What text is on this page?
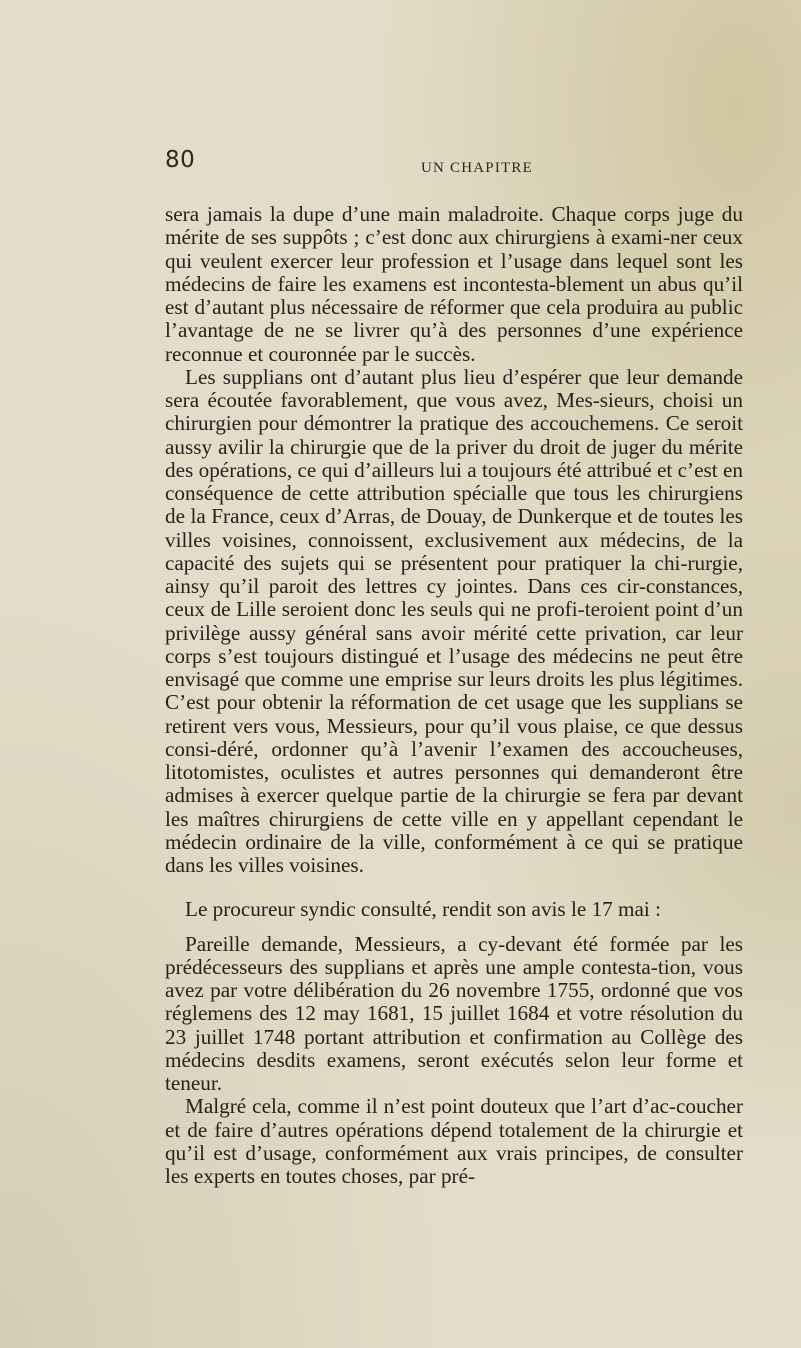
80	UN CHAPITRE

sera jamais la dupe d’une main maladroite. Chaque corps juge du mérite de ses suppôts ; c’est donc aux chirurgiens à exami-ner ceux qui veulent exercer leur profession et l’usage dans lequel sont les médecins de faire les examens est incontesta-blement un abus qu’il est d’autant plus nécessaire de réformer que cela produira au public l’avantage de ne se livrer qu’à des personnes d’une expérience reconnue et couronnée par le succès.

Les supplians ont d’autant plus lieu d’espérer que leur demande sera écoutée favorablement, que vous avez, Mes-sieurs, choisi un chirurgien pour démontrer la pratique des accouchemens. Ce seroit aussy avilir la chirurgie que de la priver du droit de juger du mérite des opérations, ce qui d’ailleurs lui a toujours été attribué et c’est en conséquence de cette attribution spécialle que tous les chirurgiens de la France, ceux d’Arras, de Douay, de Dunkerque et de toutes les villes voisines, connoissent, exclusivement aux médecins, de la capacité des sujets qui se présentent pour pratiquer la chi-rurgie, ainsy qu’il paroit des lettres cy jointes. Dans ces cir-constances, ceux de Lille seroient donc les seuls qui ne profi-teroient point d’un privilège aussy général sans avoir mérité cette privation, car leur corps s’est toujours distingué et l’usage des médecins ne peut être envisagé que comme une emprise sur leurs droits les plus légitimes. C’est pour obtenir la réformation de cet usage que les supplians se retirent vers vous, Messieurs, pour qu’il vous plaise, ce que dessus consi-déré, ordonner qu’à l’avenir l’examen des accoucheuses, litotomistes, oculistes et autres personnes qui demanderont être admises à exercer quelque partie de la chirurgie se fera par devant les maîtres chirurgiens de cette ville en y appellant cependant le médecin ordinaire de la ville, conformément à ce qui se pratique dans les villes voisines.

Le procureur syndic consulté, rendit son avis le 17 mai :

Pareille demande, Messieurs, a cy-devant été formée par les prédécesseurs des supplians et après une ample contesta-tion, vous avez par votre délibération du 26 novembre 1755, ordonné que vos réglemens des 12 may 1681, 15 juillet 1684 et votre résolution du 23 juillet 1748 portant attribution et confirmation au Collège des médecins desdits examens, seront exécutés selon leur forme et teneur.

Malgré cela, comme il n’est point douteux que l’art d’ac-coucher et de faire d’autres opérations dépend totalement de la chirurgie et qu’il est d’usage, conformément aux vrais principes, de consulter les experts en toutes choses, par pré-
